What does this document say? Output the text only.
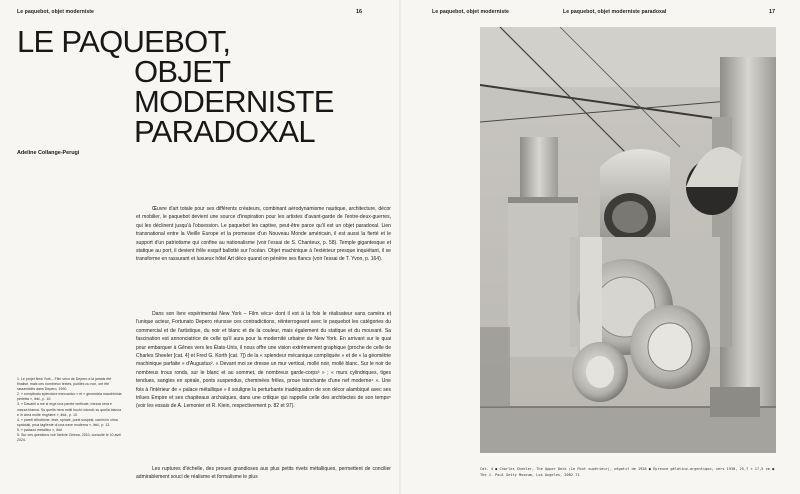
Le paquebot, objet moderniste	16
LE PAQUEBOT,
OBJET
MODERNISTE
PARADOXAL
Adeline Collange-Perugi

Œuvre d'art totale pour ses différents créateurs, combinant aérodynamisme nautique, architecture, décor et mobilier, le paquebot devient une source d'inspiration pour les artistes d'avant-garde de l'entre-deux-guerres, qui les déclinent jusqu'à l'obsession. Le paquebot les captive, peut-être parce qu'il est un objet paradoxal. Lien transnational entre la Vieille Europe et la promesse d'un Nouveau Monde américain, il est aussi la fierté et le support d'un patriotisme qui confine au nationalisme (voir l'essai de S. Chanteux, p. 58). Temple gigantesque et statique au port, il devient frêle esquif ballotté sur l'océan. Objet machinique à l'extérieur presque inquiétant, il se transforme en rassurant et luxueux hôtel Art déco quand on pénètre ses flancs (voir l'essai de T. Yvon, p. 164).

Dans son livre expérimental New York – Film vécu¹ dont il est à la fois le réalisateur sans caméra et l'unique acteur, Fortunato Depero réunsse ces contradictions, réinterrogeant avec le paquebot les catégories du commercial et de l'artistique, du noir et blanc et de la couleur, mais également du statique et du mouvant. Sa fascination est annonciatrice de celle qu'il aura pour la modernité urbaine de New York. En arrivant sur le quai pour embarquer à Gênes vers les États-Unis, il nous offre une vision extrêmement graphique (proche de celle de Charles Sheeler [cat. 4] et Fred G. Korth [cat. 7]) de la « splendeur mécanique compliquée » et de « la géométrie machinique parfaite » d'Augustus². « Devant moi se dresse un mur vertical, mollé noir, mollé blanc. Sur le noir de nombreux trous ronds, sur le blanc et au sommet, de nombreux garde-corps³ » ; « murs cylindriques, tiges tendues, sangles en spirale, ponts suspendus, cheminées frêles, proue tranchante d'une nef moderne⁴ ». Une fois à l'intérieur de « palace métallique » il souligne la perturbante inadéquation de son décor alambiqué avec ses trilues Empire et ses chapiteaux archaïques, dans une critique qui rappelle celle des architectes de son temps⁵ (voir les essais de A. Lemonier et R. Klein, respectivement p. 82 et 97).

Les ruptures d'échelle, des proues grandioses aux plus petits rivets métalliques, permettent de concilier admirablement souci de réalisme et formalisme le plus

1. Le projet New York – Film vécu de Depero a la jamais été finalisé, mais ces nombreux textes, publiés ou non, ont été rassemblés dans Depero, 1990.
2. « complicato splendore meccanico » et « geometria macchinisia perfetta », ibid., p. 10.
3. « Davanti a me si erge una parete verticale, mezza nera e mezza bianca. Su quella nera molti buchi rotondi; su quella bianca e in cima molte ringhiere », ibid., p. 10.
4. « pareti cilindriche, tese, spirale, ponti sospesi, camini in cima spatolati, prua tagliente di una nave moderna », ibid., p. 13.
5. « palazzo metallico », ibid.
5. Sur ces questions voir l'article Chiesa, 2010, consulté le 10 avril 2024.
Le paquebot, objet moderniste	Le paquebot, objet moderniste paradoxal	17
Cat. 4 ● Charles Sheeler, The Upper Deck (Le Pont supérieur), négatif de 1928 ● Épreuve gélatino-argentique, vers 1930, 25,7 × 17,5 cm ●
The J. Paul Getty Museum, Los Angeles, 2002.71
